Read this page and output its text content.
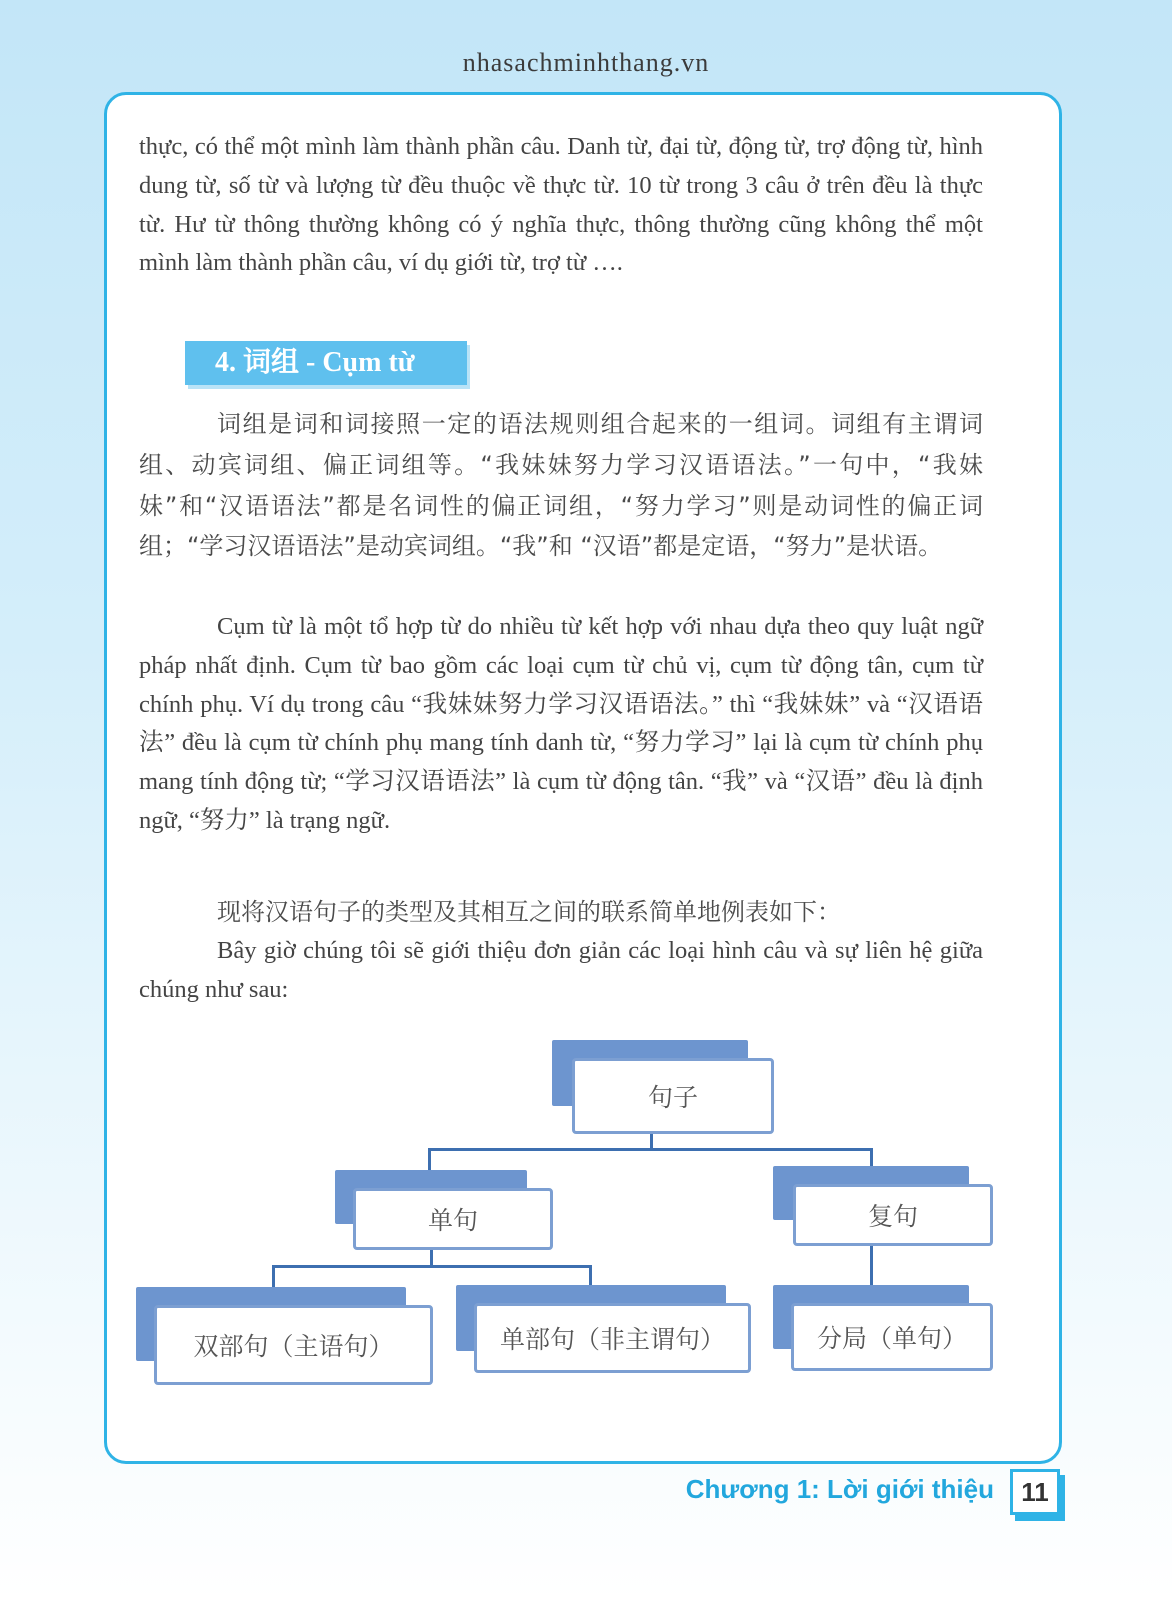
nhasachminhthang.vn

thực, có thể một mình làm thành phần câu. Danh từ, đại từ, động từ, trợ động từ, hình dung từ, số từ và lượng từ đều thuộc về thực từ. 10 từ trong 3 câu ở trên đều là thực từ. Hư từ thông thường không có ý nghĩa thực, thông thường cũng không thể một mình làm thành phần câu, ví dụ giới từ, trợ từ ….

4. 词组 - Cụm từ

词组是词和词接照一定的语法规则组合起来的一组词。词组有主谓词组、动宾词组、偏正词组等。“我妹妹努力学习汉语语法。”一句中，“我妹妹”和“汉语语法”都是名词性的偏正词组，“努力学习”则是动词性的偏正词组；“学习汉语语法”是动宾词组。“我”和 “汉语”都是定语，“努力”是状语。

Cụm từ là một tổ hợp từ do nhiều từ kết hợp với nhau dựa theo quy luật ngữ pháp nhất định. Cụm từ bao gồm các loại cụm từ chủ vị, cụm từ động tân, cụm từ chính phụ. Ví dụ trong câu “我妹妹努力学习汉语语法。” thì “我妹妹” và “汉语语法” đều là cụm từ chính phụ mang tính danh từ, “努力学习” lại là cụm từ chính phụ mang tính động từ; “学习汉语语法” là cụm từ động tân. “我” và “汉语” đều là định ngữ, “努力” là trạng ngữ.

现将汉语句子的类型及其相互之间的联系简单地例表如下：

Bây giờ chúng tôi sẽ giới thiệu đơn giản các loại hình câu và sự liên hệ giữa chúng như sau:

句子
单句	复句
双部句（主语句）	单部句（非主谓句）	分局（单句）
Chương 1: Lời giới thiệu	11
